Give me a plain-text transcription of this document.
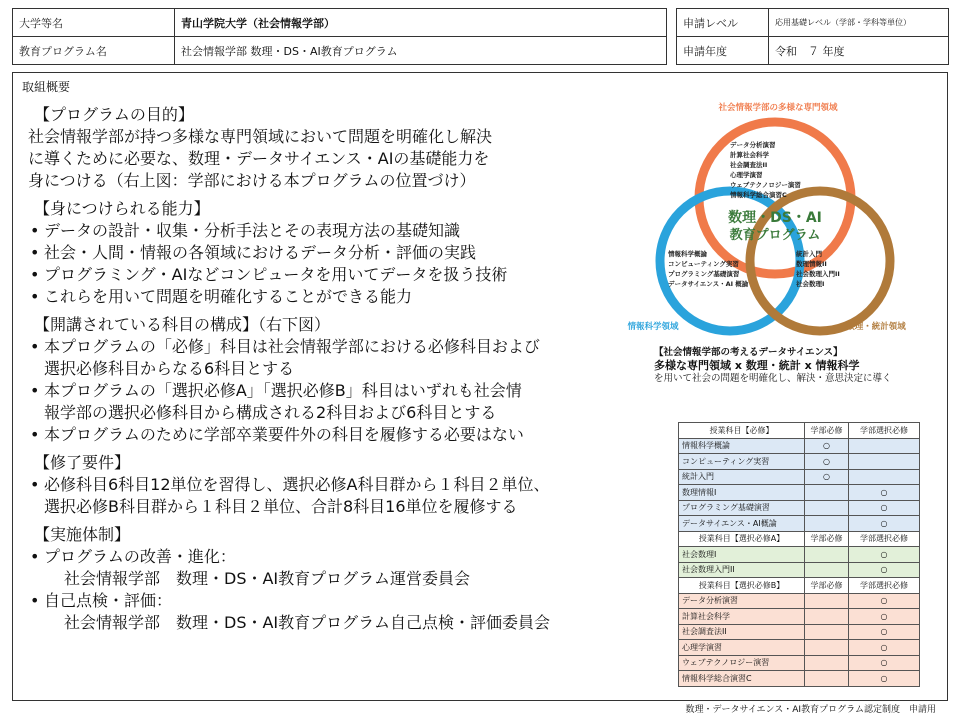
大学等名	青山学院大学（社会情報学部）		申請レベル	応用基礎レベル（学部・学科等単位）
教育プログラム名	社会情報学部 数理・DS・AI教育プログラム		申請年度	令和　７ 年度
取組概要
【プログラムの目的】
社会情報学部が持つ多様な専門領域において問題を明確化し解決
に導くために必要な、数理・データサイエンス・AIの基礎能力を
身につける（右上図：学部における本プログラムの位置づけ）
【身につけられる能力】
• データの設計・収集・分析手法とその表現方法の基礎知識
• 社会・人間・情報の各領域におけるデータ分析・評価の実践
• プログラミング・AIなどコンピュータを用いてデータを扱う技術
• これらを用いて問題を明確化することができる能力
【開講されている科目の構成】（右下図）
• 本プログラムの「必修」科目は社会情報学部における必修科目および
選択必修科目からなる6科目とする
• 本プログラムの「選択必修A」「選択必修B」科目はいずれも社会情
報学部の選択必修科目から構成される2科目および6科目とする
• 本プログラムのために学部卒業要件外の科目を履修する必要はない
【修了要件】
• 必修科目6科目12単位を習得し、選択必修A科目群から１科目２単位、
選択必修B科目群から１科目２単位、合計8科目16単位を履修する
【実施体制】
• プログラムの改善・進化：
社会情報学部　数理・DS・AI教育プログラム運営委員会
• 自己点検・評価：
社会情報学部　数理・DS・AI教育プログラム自己点検・評価委員会
社会情報学部の多様な専門領域
情報科学領域	数理・統計領域
データ分析演習
計算社会科学
社会調査法II
心理学演習
ウェブテクノロジー演習
情報科学総合演習C
情報科学概論
コンピューティング実習
プログラミング基礎演習
データサイエンス・AI 概論
統計入門
数理情報II
社会数理入門II
社会数理I
数理・DS・AI
教育プログラム
【社会情報学部の考えるデータサイエンス】
多様な専門領域 x 数理・統計 x 情報科学
を用いて社会の問題を明確化し、解決・意思決定に導く
授業科目【必修】	学部必修	学部選択必修
情報科学概論	○	
コンピューティング実習	○	
統計入門	○	
数理情報I		○
プログラミング基礎演習		○
データサイエンス・AI概論		○
授業科目【選択必修A】	学部必修	学部選択必修
社会数理I		○
社会数理入門II		○
授業科目【選択必修B】	学部必修	学部選択必修
データ分析演習		○
計算社会科学		○
社会調査法II		○
心理学演習		○
ウェブテクノロジー演習		○
情報科学総合演習C		○
数理・データサイエンス・AI教育プログラム認定制度　申請用
